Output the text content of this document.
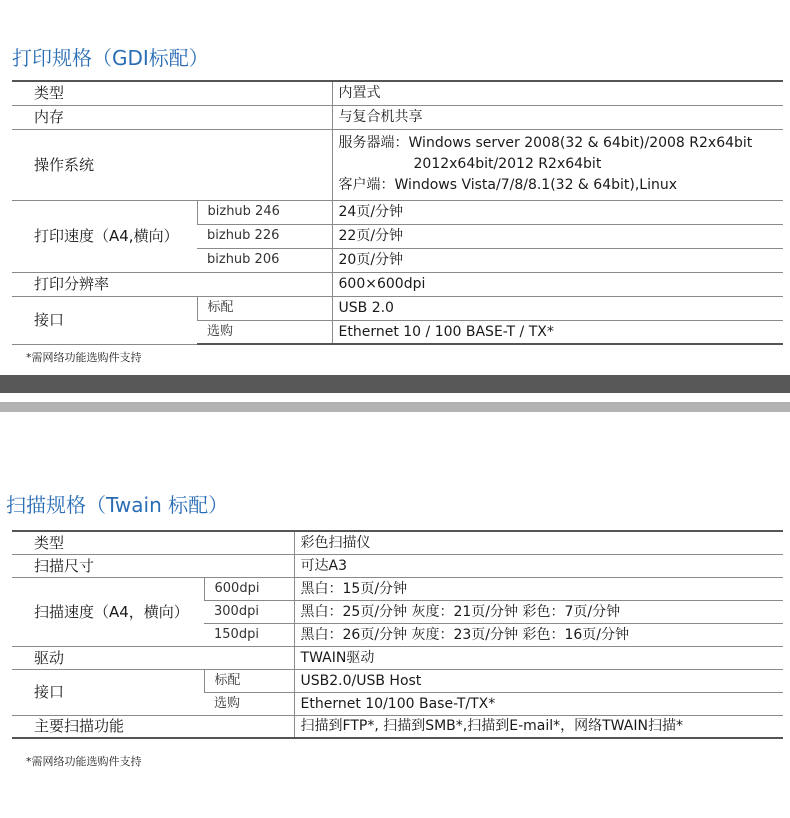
打印规格（GDI标配）
类型		内置式
内存		与复合机共享
操作系统		服务器端：Windows server 2008(32 & 64bit)/2008 R2x64bit
2012x64bit/2012 R2x64bit
客户端：Windows Vista/7/8/8.1(32 & 64bit),Linux

打印速度（A4,横向）	bizhub 246	24页/分钟
	bizhub 226	22页/分钟
	bizhub 206	20页/分钟
打印分辨率		600×600dpi
接口	标配	USB 2.0
	选购	Ethernet 10 / 100 BASE-T / TX*
*需网络功能选购件支持
扫描规格（Twain 标配）
类型		彩色扫描仪
扫描尺寸		可达A3
扫描速度（A4，横向）	600dpi	黑白：15页/分钟
	300dpi	黑白：25页/分钟 灰度：21页/分钟 彩色：7页/分钟
	150dpi	黑白：26页/分钟 灰度：23页/分钟 彩色：16页/分钟
驱动		TWAIN驱动
接口	标配	USB2.0/USB Host
	选购	Ethernet 10/100 Base-T/TX*
主要扫描功能		扫描到FTP*, 扫描到SMB*,扫描到E-mail*，网络TWAIN扫描*
*需网络功能选购件支持
